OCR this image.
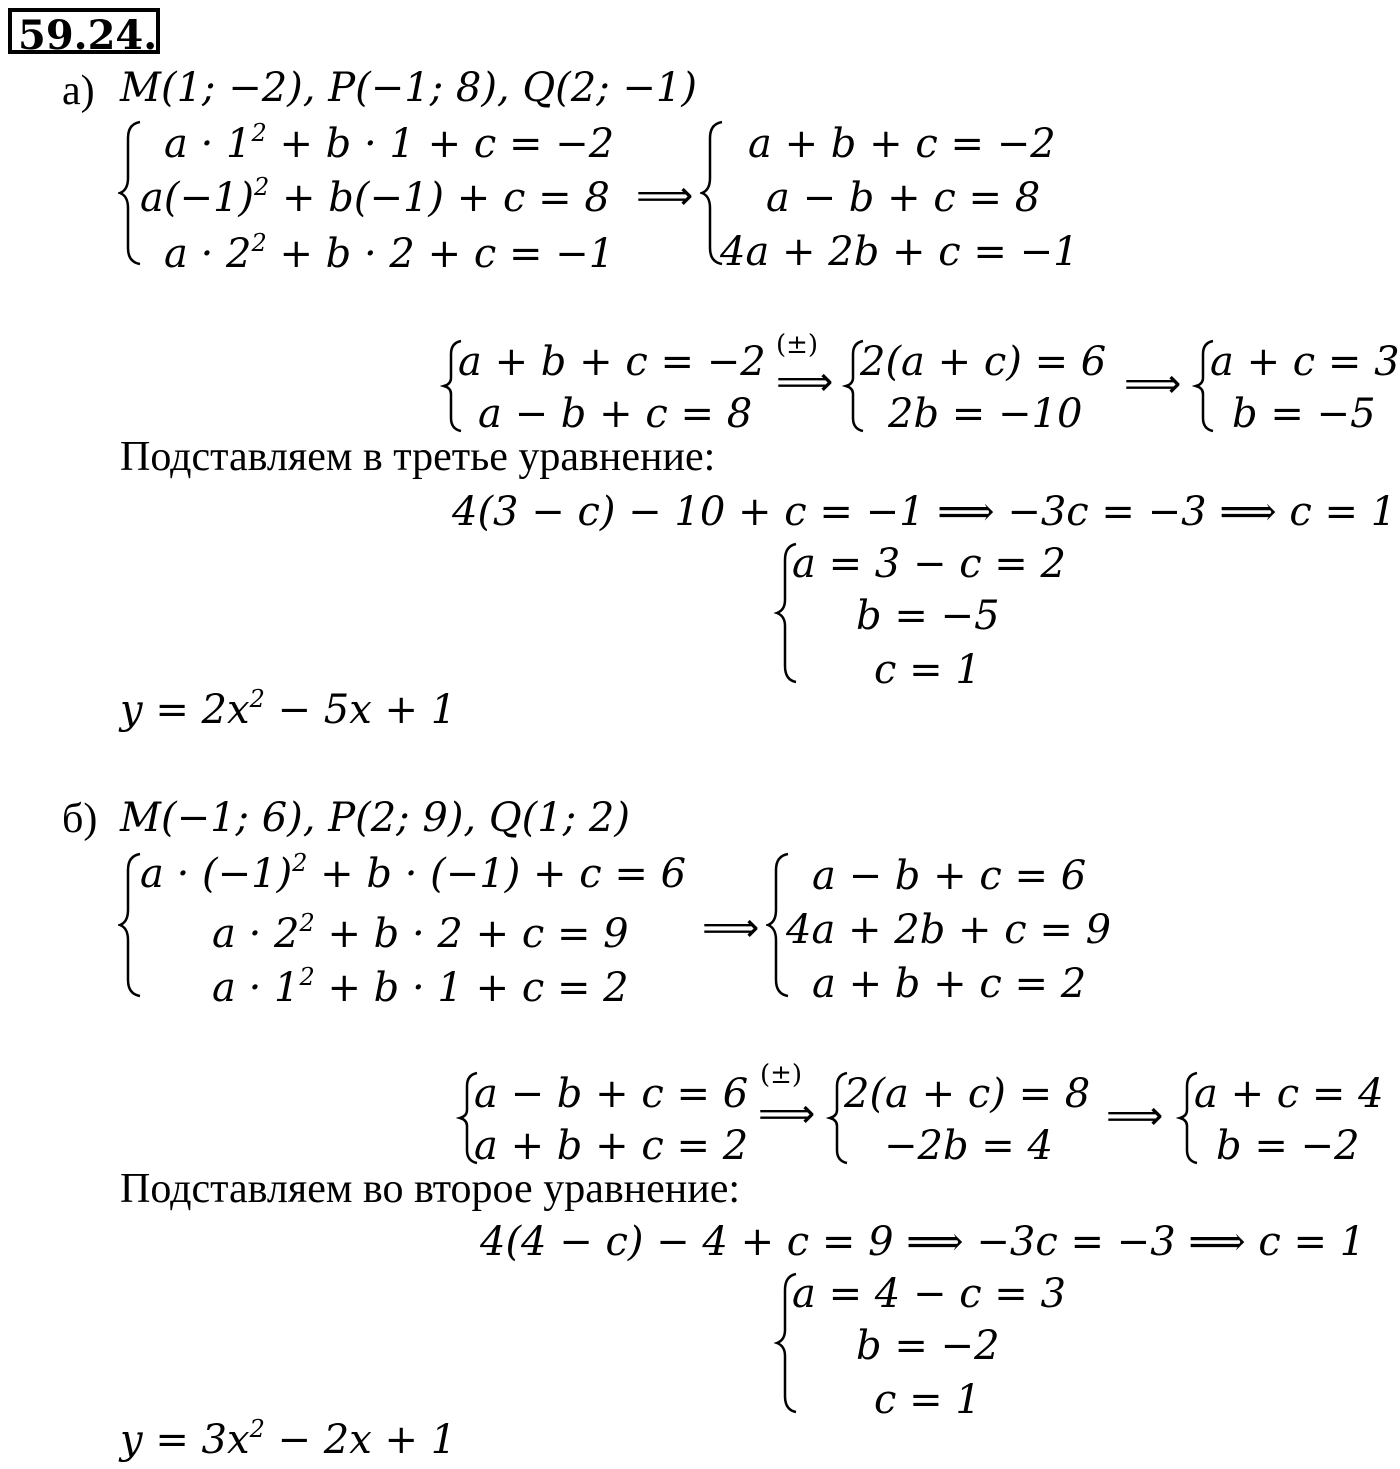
59.24.
а) M(1; −2), P(−1; 8), Q(2; −1)
$a \cdot 1^2 + b \cdot 1 + c = -2$
$a(-1)^2 + b(-1) + c = 8$
$a \cdot 2^2 + b \cdot 2 + c = -1$
⟹
a + b + c = −2
a − b + c = 8
4a + 2b + c = −1
a + b + c = −2
a − b + c = 8
(±)
⟹ 2(a + c) = 6
2b = −10
⟹ a + c = 3
b = −5
Подставляем в третье уравнение:
4(3 − c) − 10 + c = −1 ⟹ −3c = −3 ⟹ c = 1
a = 3 − c = 2
b = −5
c = 1
$y = 2x^2 - 5x + 1$
б) M(−1; 6), P(2; 9), Q(1; 2)
$a \cdot (-1)^2 + b \cdot (-1) + c = 6$
$a \cdot 2^2 + b \cdot 2 + c = 9$
$a \cdot 1^2 + b \cdot 1 + c = 2$
⟹
a − b + c = 6
4a + 2b + c = 9
a + b + c = 2
a − b + c = 6
a + b + c = 2
(±)
⟹ 2(a + c) = 8
−2b = 4
⟹ a + c = 4
b = −2
Подставляем во второе уравнение:
4(4 − c) − 4 + c = 9 ⟹ −3c = −3 ⟹ c = 1
a = 4 − c = 3
b = −2
c = 1
$y = 3x^2 - 2x + 1$
